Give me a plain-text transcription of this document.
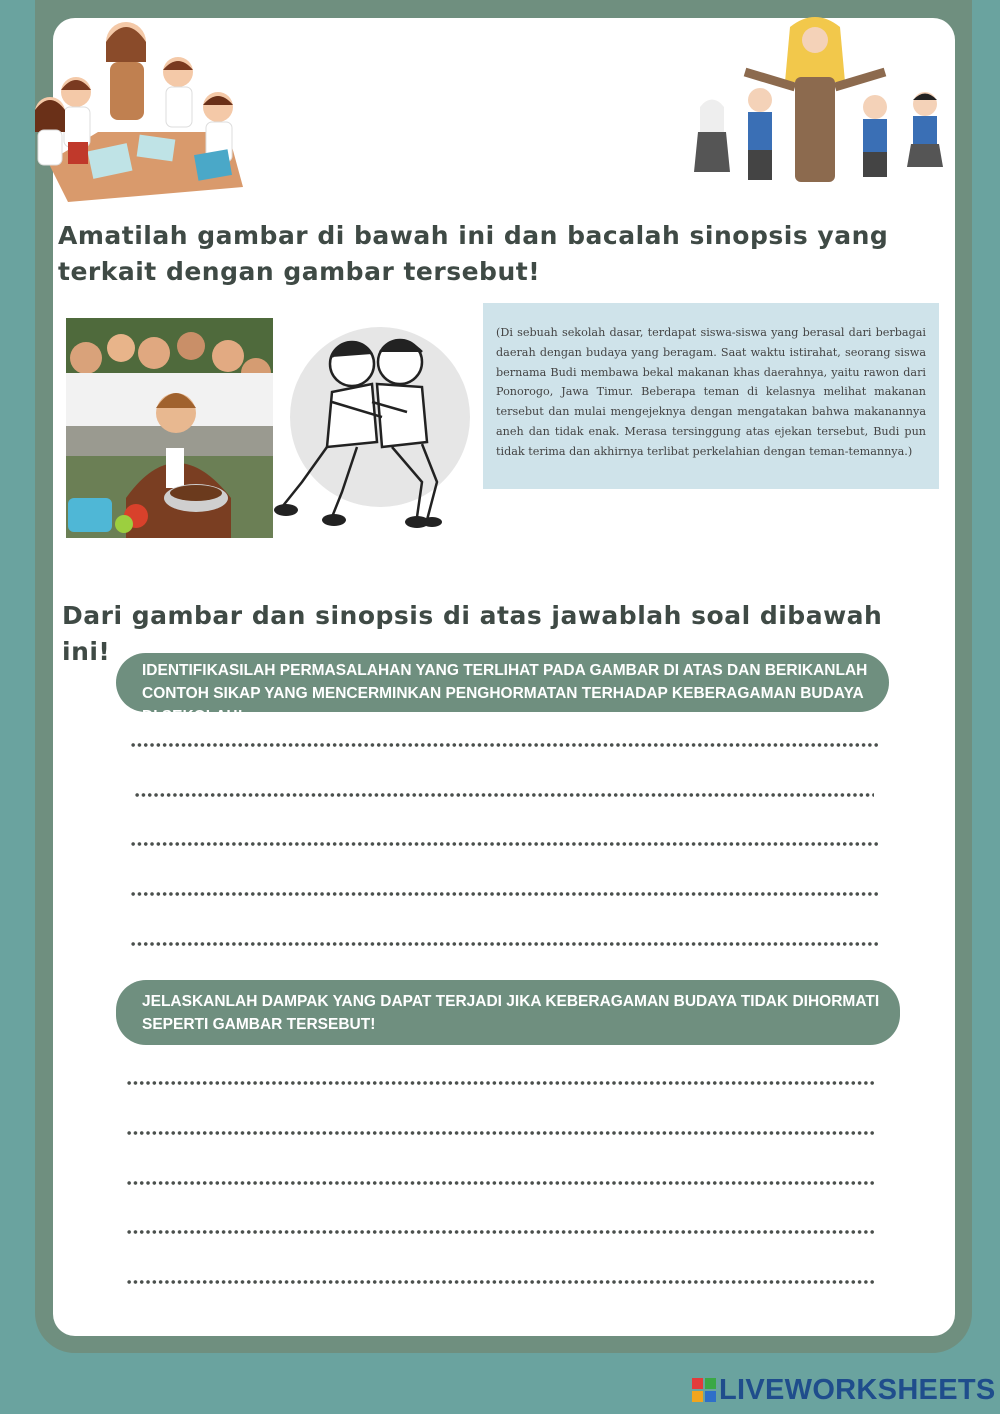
Amatilah gambar di bawah ini dan bacalah sinopsis yang terkait dengan gambar tersebut!

(Di sebuah sekolah dasar, terdapat siswa-siswa yang berasal dari berbagai daerah dengan budaya yang beragam. Saat waktu istirahat, seorang siswa bernama Budi membawa bekal makanan khas daerahnya, yaitu rawon dari Ponorogo, Jawa Timur. Beberapa teman di kelasnya melihat makanan tersebut dan mulai mengejeknya dengan mengatakan bahwa makanannya aneh dan tidak enak. Merasa tersinggung atas ejekan tersebut, Budi pun tidak terima dan akhirnya terlibat perkelahian dengan teman-temannya.)

Dari gambar dan sinopsis di atas jawablah soal dibawah ini!
IDENTIFIKASILAH PERMASALAHAN YANG TERLIHAT PADA GAMBAR DI ATAS DAN BERIKANLAH CONTOH SIKAP YANG MENCERMINKAN PENGHORMATAN TERHADAP KEBERAGAMAN BUDAYA DI SEKOLAH!
JELASKANLAH DAMPAK YANG DAPAT TERJADI JIKA KEBERAGAMAN BUDAYA TIDAK DIHORMATI SEPERTI GAMBAR TERSEBUT!
LIVEWORKSHEETS
